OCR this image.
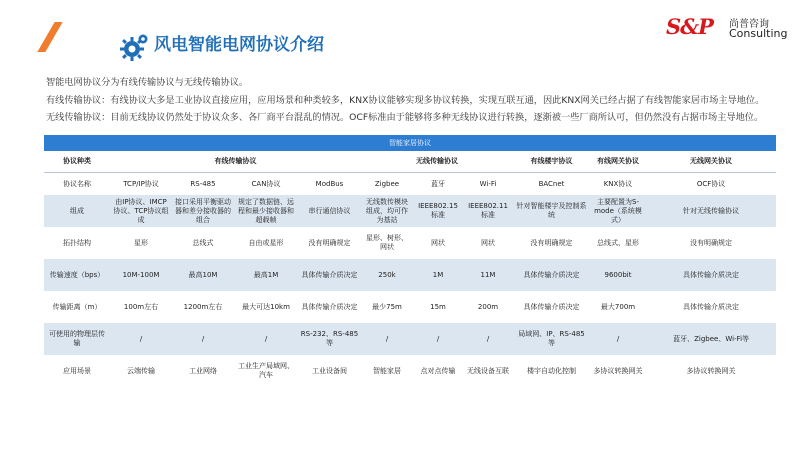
风电智能电网协议介绍
S&P 尚普咨询
Consulting
智能电网协议分为有线传输协议与无线传输协议。
有线传输协议：有线协议大多是工业协议直接应用，应用场景和种类较多，KNX协议能够实现多协议转换，实现互联互通，因此KNX网关已经占据了有线智能家居市场主导地位。
无线传输协议：目前无线协议仍然处于协议众多、各厂商平台混乱的情况。OCF标准由于能够将多种无线协议进行转换，逐渐被一些厂商所认可，但仍然没有占据市场主导地位。
智能家居协议										
协议种类	有线传输协议				无线传输协议			有线楼宇协议	有线网关协议	无线网关协议
协议名称	TCP/IP协议	RS-485	CAN协议	ModBus	Zigbee	蓝牙	Wi-Fi	BACnet	KNX协议	OCF协议
组成	由IP协议、IMCP协议、TCP协议组成	接口采用平衡驱动器和差分接收器的组合	规定了数据链、远程和最少接收器和超载帧	串行通信协议	无线数传模块组成，均可作为基站	IEEE802.15标准	IEEE802.11标准	针对智能楼宇及控制系统	主要配置为S-mode（系统模式）	针对无线传输协议
拓扑结构	星形	总线式	自由或星形	没有明确规定	星形、树形、网状	网状	网状	没有明确规定	总线式、星形	没有明确规定
传输速度（bps）	10M-100M	最高10M	最高1M	具体传输介质决定	250k	1M	11M	具体传输介质决定	9600bit	具体传输介质决定
传输距离（m）	100m左右	1200m左右	最大可达10km	具体传输介质决定	最少75m	15m	200m	具体传输介质决定	最大700m	具体传输介质决定
可使用的物理层传输	/	/	/	RS-232、RS-485等	/	/	/	局域网、IP、RS-485等	/	蓝牙、Zigbee、Wi-Fi等
应用场景	云端传输	工业网络	工业生产局域网、汽车	工业设备间	智能家居	点对点传输	无线设备互联	楼宇自动化控制	多协议转换网关	多协议转换网关
